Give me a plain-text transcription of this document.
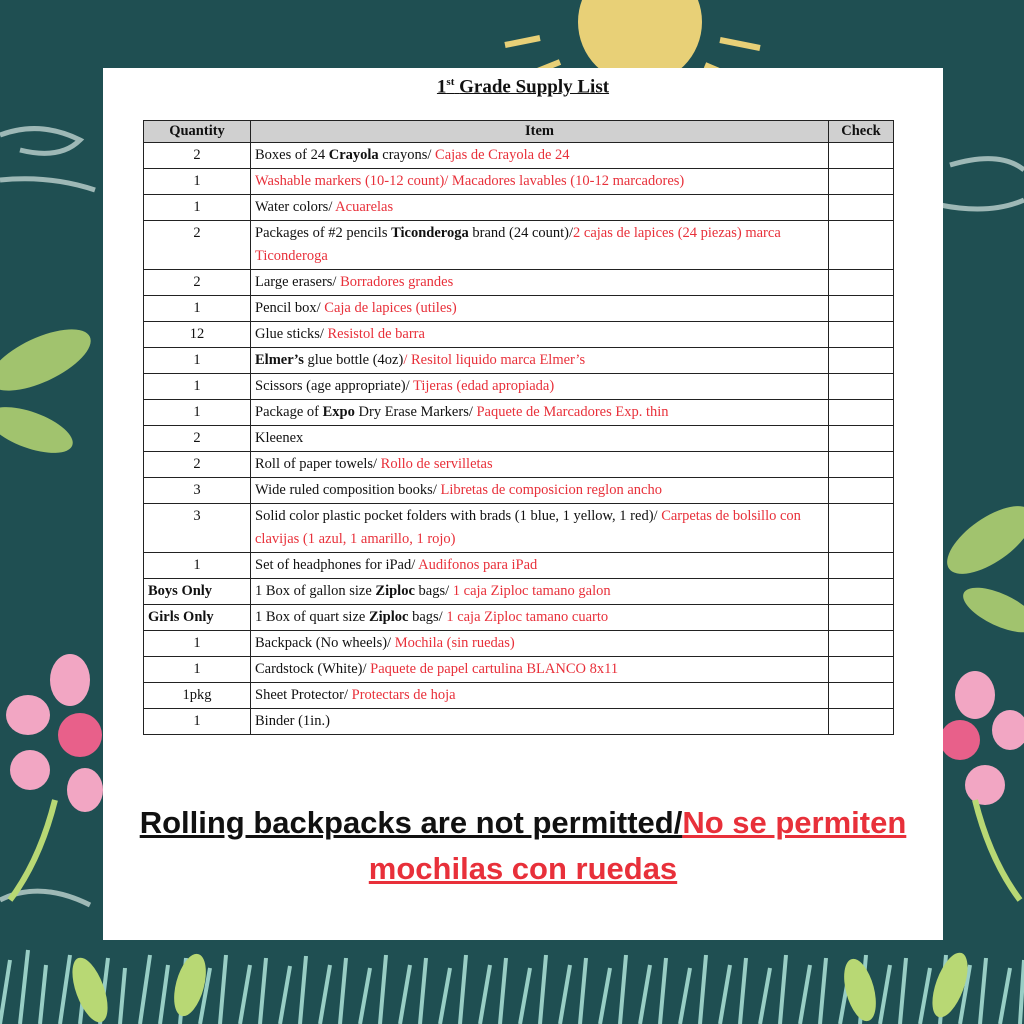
1st Grade Supply List
Quantity	Item	Check
2	Boxes of 24 Crayola crayons/ Cajas de Crayola de 24	
1	Washable markers (10-12 count)/ Macadores lavables (10-12 marcadores)	
1	Water colors/ Acuarelas	
2	Packages of #2 pencils Ticonderoga brand (24 count)/2 cajas de lapices (24 piezas) marca Ticonderoga	
2	Large erasers/ Borradores grandes	
1	Pencil box/ Caja de lapices (utiles)	
12	Glue sticks/ Resistol de barra	
1	Elmer’s glue bottle (4oz)/ Resitol liquido marca Elmer’s	
1	Scissors (age appropriate)/ Tijeras (edad apropiada)	
1	Package of Expo Dry Erase Markers/ Paquete de Marcadores Exp. thin	
2	Kleenex	
2	Roll of paper towels/ Rollo de servilletas	
3	Wide ruled composition books/ Libretas de composicion reglon ancho	
3	Solid color plastic pocket folders with brads (1 blue, 1 yellow, 1 red)/ Carpetas de bolsillo con clavijas (1 azul, 1 amarillo, 1 rojo)	
1	Set of headphones for iPad/ Audifonos para iPad	
Boys Only	1 Box of gallon size Ziploc bags/ 1 caja Ziploc tamano galon	
Girls Only	1 Box of quart size Ziploc bags/ 1 caja Ziploc tamano cuarto	
1	Backpack (No wheels)/ Mochila (sin ruedas)	
1	Cardstock (White)/ Paquete de papel cartulina BLANCO 8x11	
1pkg	Sheet Protector/ Protectars de hoja	
1	Binder (1in.)	
Rolling backpacks are not permitted/No se permiten mochilas con ruedas
